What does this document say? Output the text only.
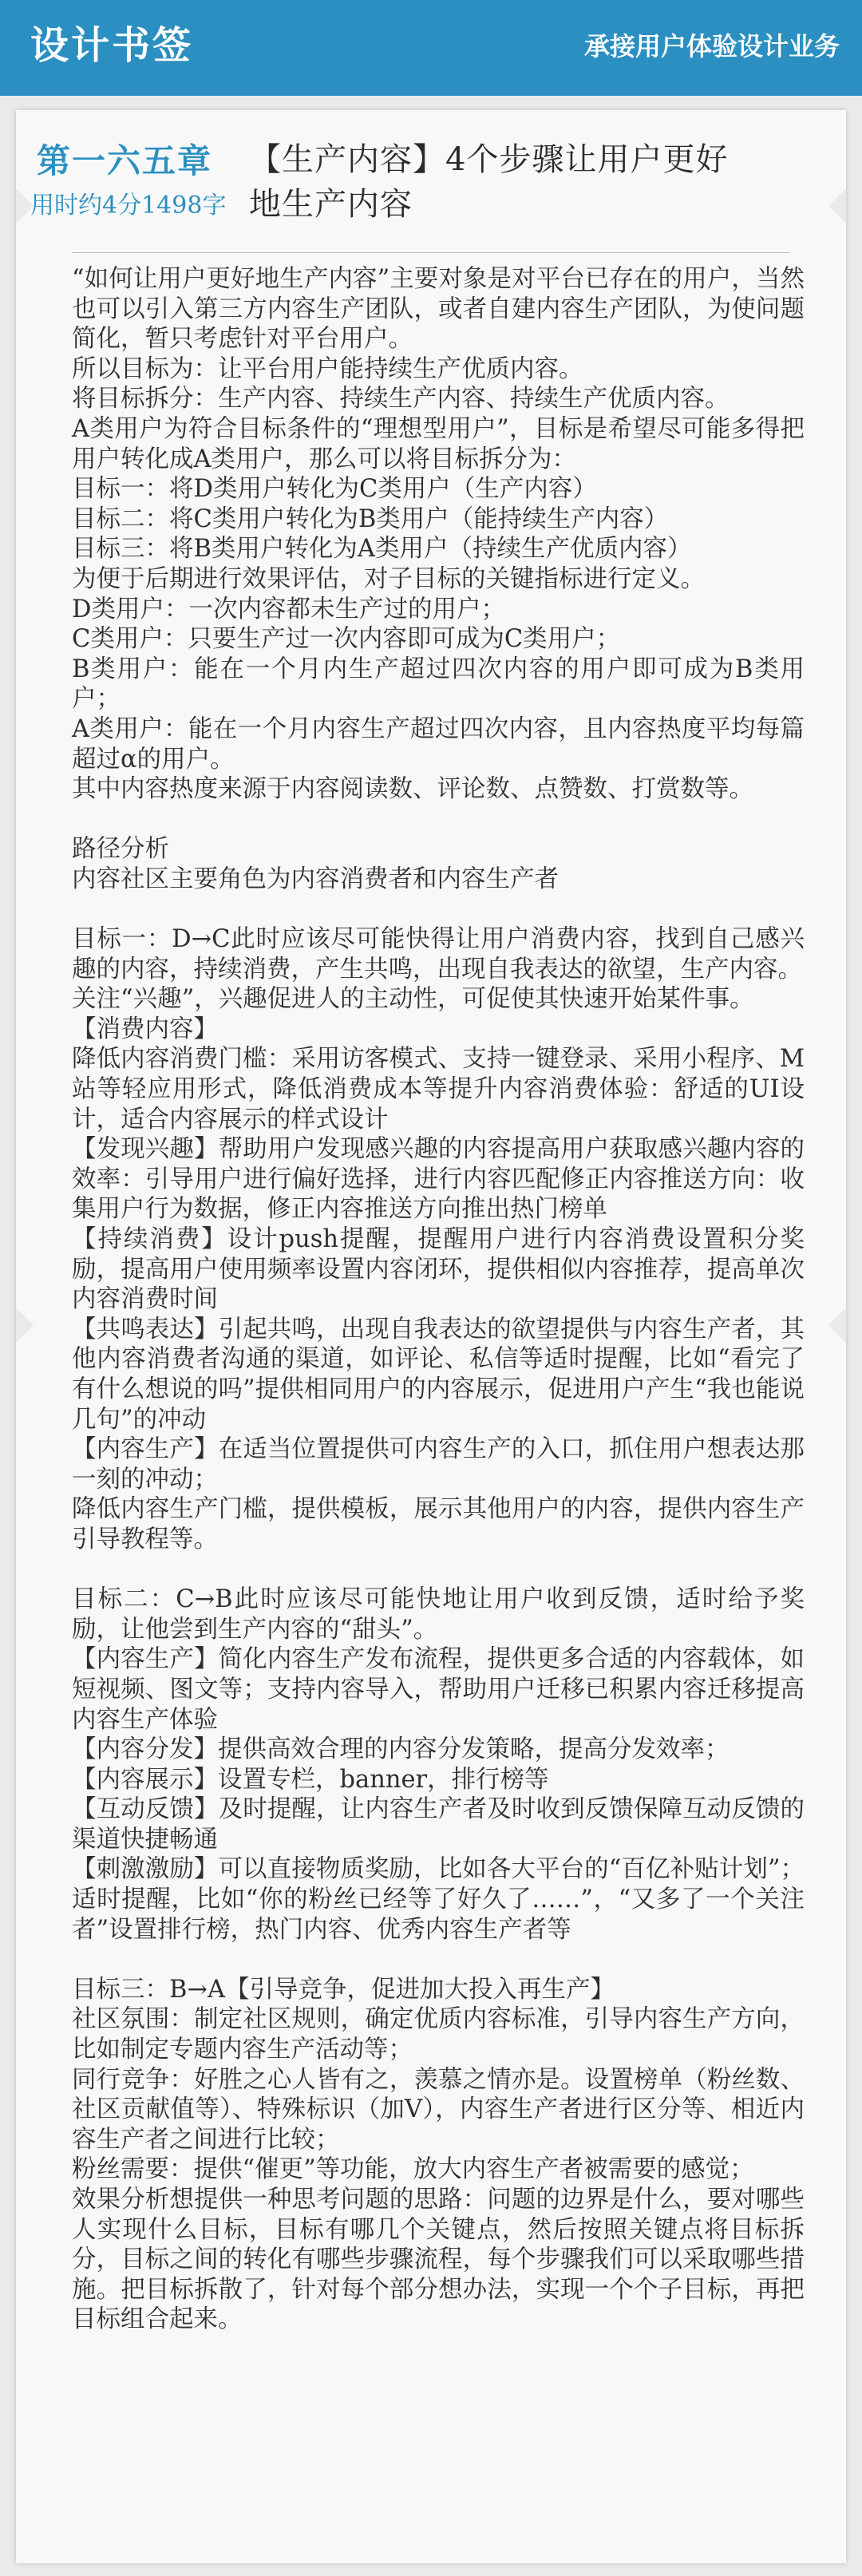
设计书签	承接用户体验设计业务
第一六五章
用时约4分1498字
【生产内容】4个步骤让用户更好地生产内容

“如何让用户更好地生产内容”主要对象是对平台已存在的用户，当然也可以引入第三方内容生产团队，或者自建内容生产团队，为使问题简化，暂只考虑针对平台用户。

所以目标为：让平台用户能持续生产优质内容。

将目标拆分：生产内容、持续生产内容、持续生产优质内容。

A类用户为符合目标条件的“理想型用户”，目标是希望尽可能多得把用户转化成A类用户，那么可以将目标拆分为：

目标一：将D类用户转化为C类用户（生产内容）

目标二：将C类用户转化为B类用户（能持续生产内容）

目标三：将B类用户转化为A类用户（持续生产优质内容）

为便于后期进行效果评估，对子目标的关键指标进行定义。

D类用户：一次内容都未生产过的用户；

C类用户：只要生产过一次内容即可成为C类用户；

B类用户：能在一个月内生产超过四次内容的用户即可成为B类用户；

A类用户：能在一个月内容生产超过四次内容，且内容热度平均每篇超过α的用户。

其中内容热度来源于内容阅读数、评论数、点赞数、打赏数等。

路径分析

内容社区主要角色为内容消费者和内容生产者

目标一：D→C此时应该尽可能快得让用户消费内容，找到自己感兴趣的内容，持续消费，产生共鸣，出现自我表达的欲望，生产内容。

关注“兴趣”，兴趣促进人的主动性，可促使其快速开始某件事。

【消费内容】

降低内容消费门槛：采用访客模式、支持一键登录、采用小程序、M站等轻应用形式，降低消费成本等提升内容消费体验：舒适的UI设计，适合内容展示的样式设计

【发现兴趣】帮助用户发现感兴趣的内容提高用户获取感兴趣内容的效率：引导用户进行偏好选择，进行内容匹配修正内容推送方向：收集用户行为数据，修正内容推送方向推出热门榜单

【持续消费】设计push提醒，提醒用户进行内容消费设置积分奖励，提高用户使用频率设置内容闭环，提供相似内容推荐，提高单次内容消费时间

【共鸣表达】引起共鸣，出现自我表达的欲望提供与内容生产者，其他内容消费者沟通的渠道，如评论、私信等适时提醒，比如“看完了有什么想说的吗”提供相同用户的内容展示，促进用户产生“我也能说几句”的冲动

【内容生产】在适当位置提供可内容生产的入口，抓住用户想表达那一刻的冲动；

降低内容生产门槛，提供模板，展示其他用户的内容，提供内容生产引导教程等。

目标二：C→B此时应该尽可能快地让用户收到反馈，适时给予奖励，让他尝到生产内容的“甜头”。

【内容生产】简化内容生产发布流程，提供更多合适的内容载体，如短视频、图文等；支持内容导入，帮助用户迁移已积累内容迁移提高内容生产体验

【内容分发】提供高效合理的内容分发策略，提高分发效率；

【内容展示】设置专栏，banner，排行榜等

【互动反馈】及时提醒，让内容生产者及时收到反馈保障互动反馈的渠道快捷畅通

【刺激激励】可以直接物质奖励，比如各大平台的“百亿补贴计划”；适时提醒，比如“你的粉丝已经等了好久了……”，“又多了一个关注者”设置排行榜，热门内容、优秀内容生产者等

目标三：B→A【引导竞争，促进加大投入再生产】

社区氛围：制定社区规则，确定优质内容标准，引导内容生产方向，比如制定专题内容生产活动等；

同行竞争：好胜之心人皆有之，羡慕之情亦是。设置榜单（粉丝数、社区贡献值等）、特殊标识（加V），内容生产者进行区分等、相近内容生产者之间进行比较；

粉丝需要：提供“催更”等功能，放大内容生产者被需要的感觉；

效果分析想提供一种思考问题的思路：问题的边界是什么，要对哪些人实现什么目标，目标有哪几个关键点，然后按照关键点将目标拆分，目标之间的转化有哪些步骤流程，每个步骤我们可以采取哪些措施。把目标拆散了，针对每个部分想办法，实现一个个子目标，再把目标组合起来。
